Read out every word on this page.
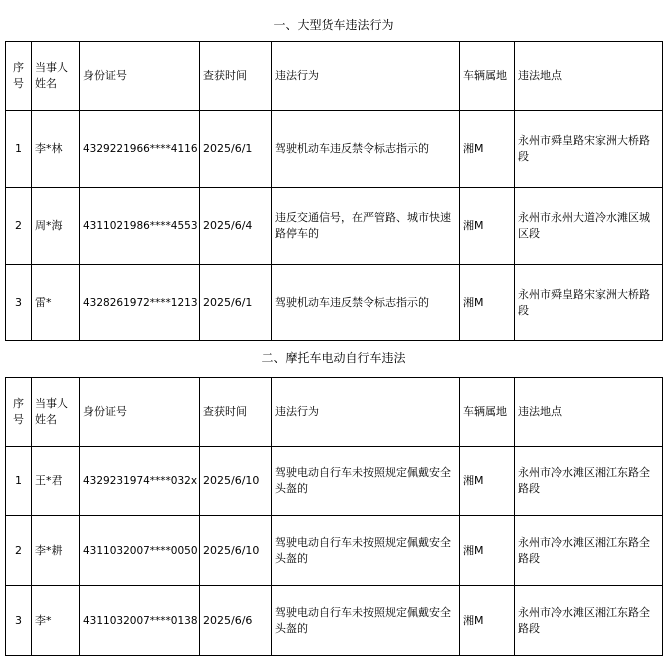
一、大型货车违法行为
序号	当事人姓名	身份证号	查获时间	违法行为	车辆属地	违法地点
1	李*林	4329221966****4116	2025/6/1	驾驶机动车违反禁令标志指示的	湘M	永州市舜皇路宋家洲大桥路段
2	周*海	4311021986****4553	2025/6/4	违反交通信号，在严管路、城市快速路停车的	湘M	永州市永州大道冷水滩区城区段
3	雷*	4328261972****1213	2025/6/1	驾驶机动车违反禁令标志指示的	湘M	永州市舜皇路宋家洲大桥路段
二、摩托车电动自行车违法
序号	当事人姓名	身份证号	查获时间	违法行为	车辆属地	违法地点
1	王*君	4329231974****032x	2025/6/10	驾驶电动自行车未按照规定佩戴安全头盔的	湘M	永州市冷水滩区湘江东路全路段
2	李*耕	4311032007****0050	2025/6/10	驾驶电动自行车未按照规定佩戴安全头盔的	湘M	永州市冷水滩区湘江东路全路段
3	李*	4311032007****0138	2025/6/6	驾驶电动自行车未按照规定佩戴安全头盔的	湘M	永州市冷水滩区湘江东路全路段
